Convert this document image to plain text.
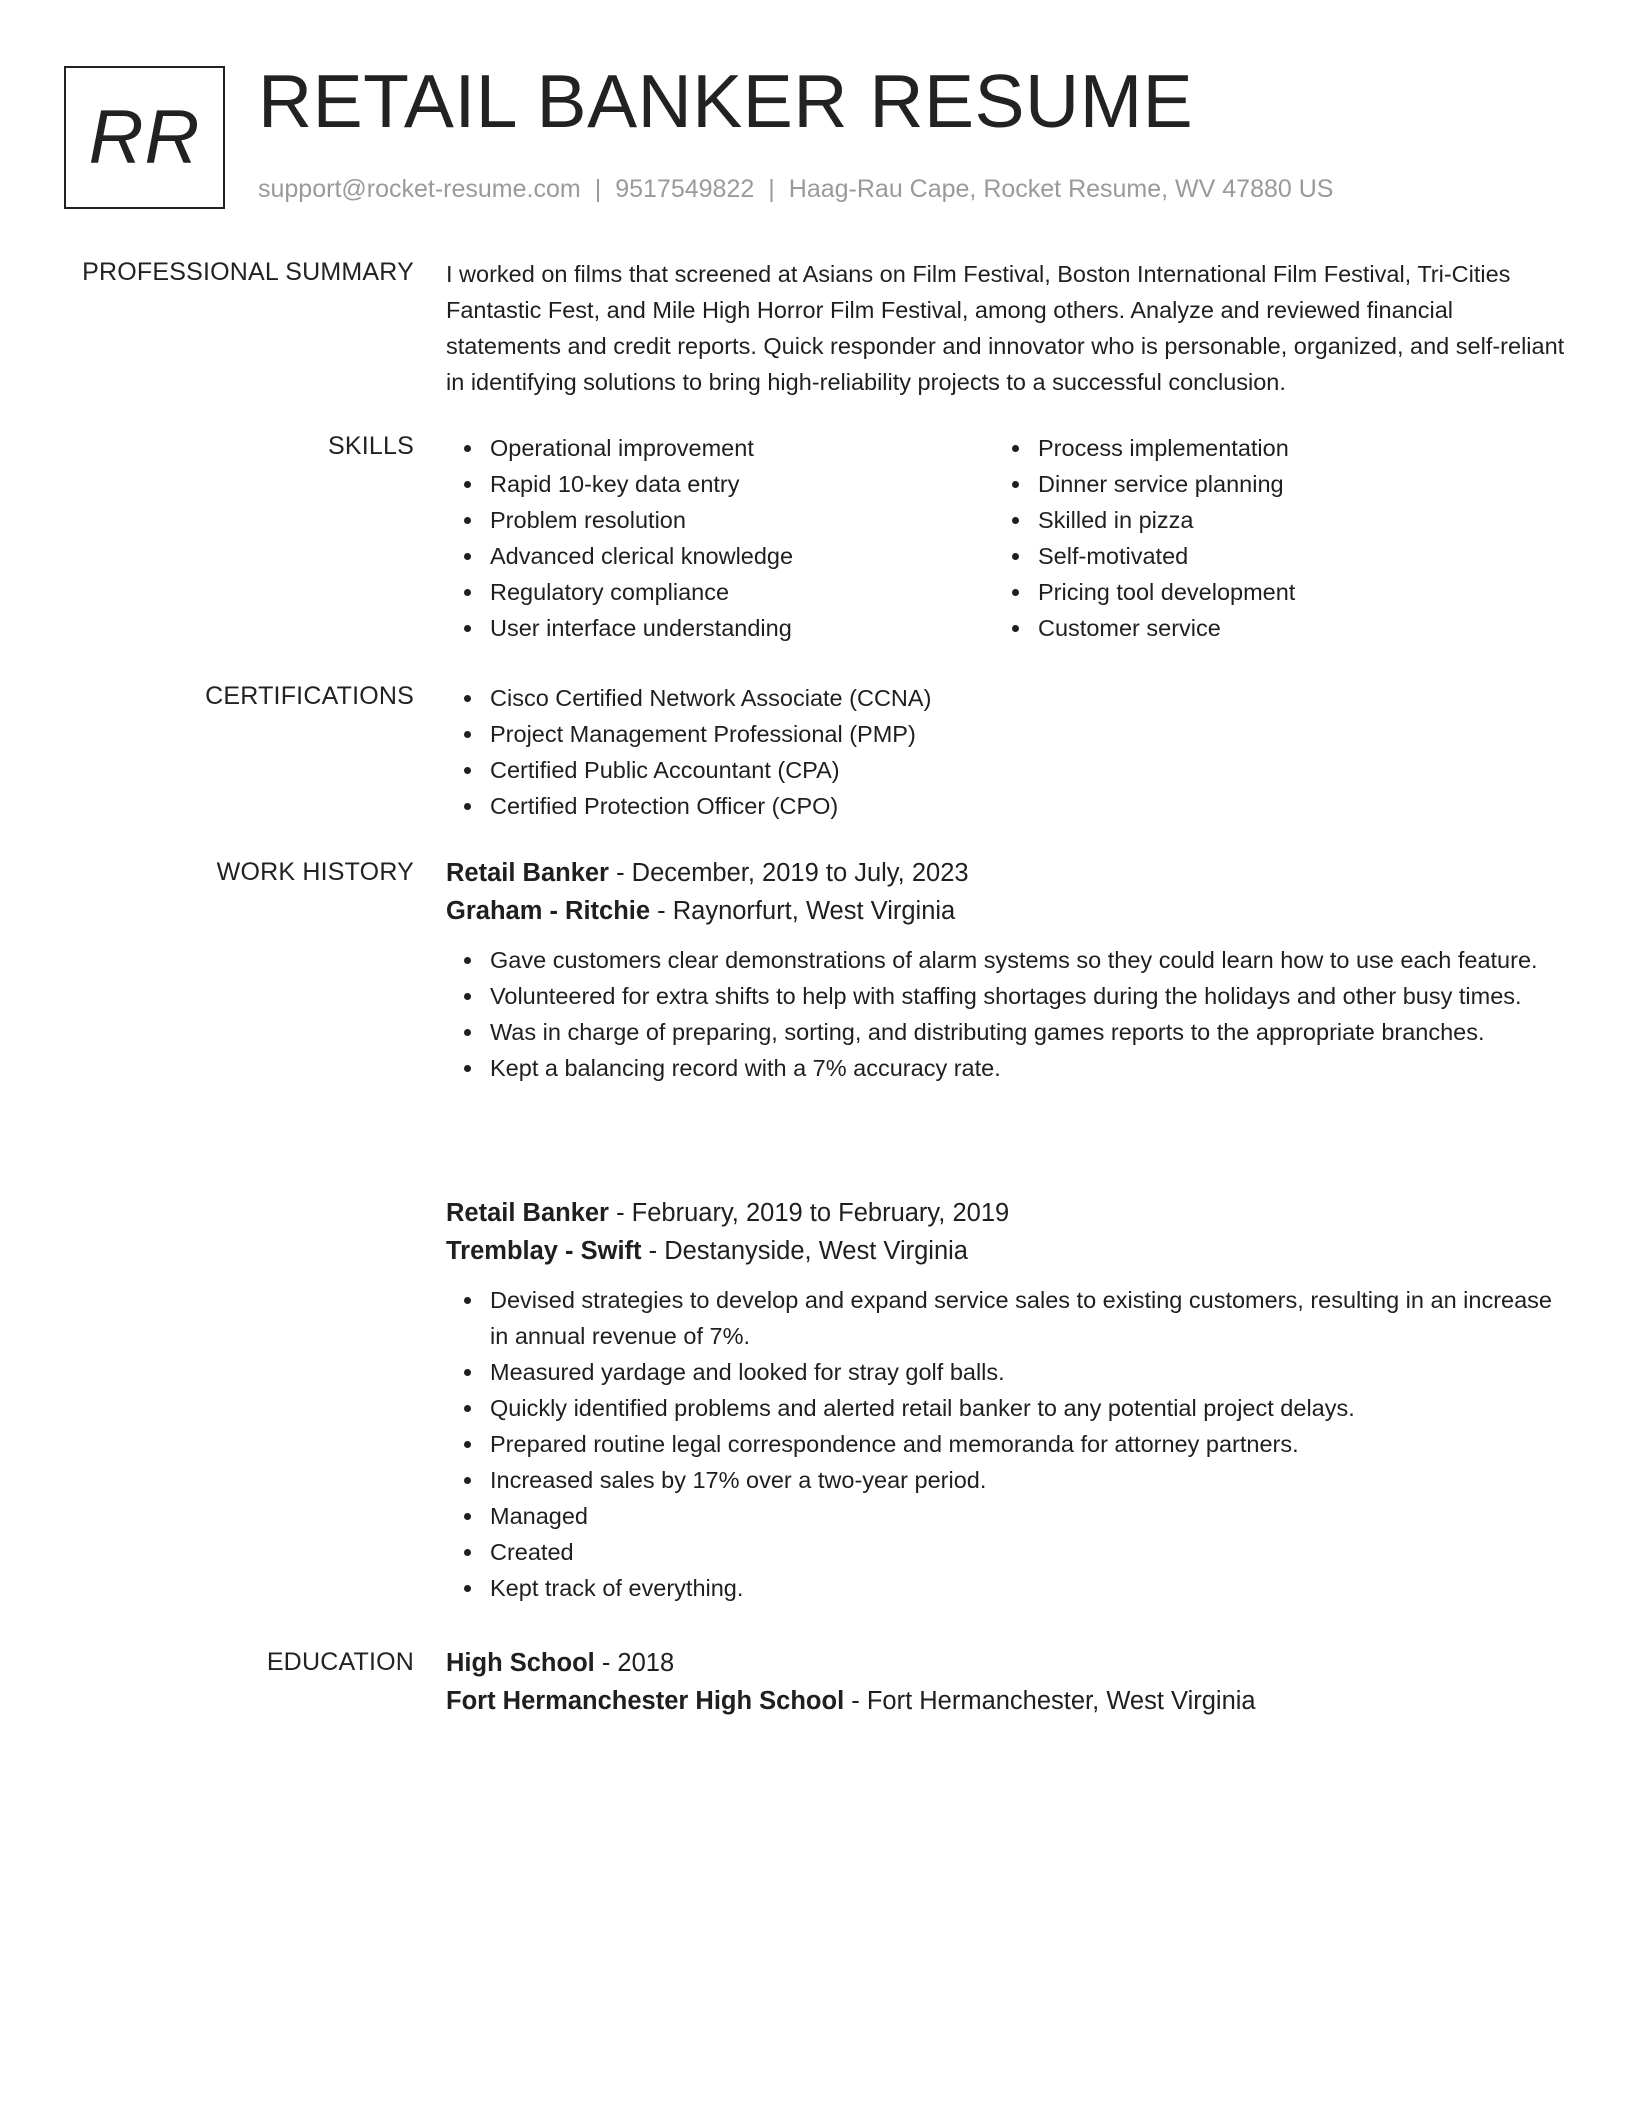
RR RETAIL BANKER RESUME
support@rocket-resume.com | 9517549822 | Haag-Rau Cape, Rocket Resume, WV 47880 US
PROFESSIONAL SUMMARY I worked on films that screened at Asians on Film Festival, Boston International Film Festival, Tri-Cities Fantastic Fest, and Mile High Horror Film Festival, among others. Analyze and reviewed financial statements and credit reports. Quick responder and innovator who is personable, organized, and self-reliant in identifying solutions to bring high-reliability projects to a successful conclusion.
SKILLS	Operational improvement
Rapid 10-key data entry
Problem resolution
Advanced clerical knowledge
Regulatory compliance
User interface understanding
Process implementation
Dinner service planning
Skilled in pizza
Self-motivated
Pricing tool development
Customer service
CERTIFICATIONS	Cisco Certified Network Associate (CCNA)
Project Management Professional (PMP)
Certified Public Accountant (CPA)
Certified Protection Officer (CPO)
WORK HISTORY Retail Banker - December, 2019 to July, 2023
Graham - Ritchie - Raynorfurt, West Virginia
Gave customers clear demonstrations of alarm systems so they could learn how to use each feature.
Volunteered for extra shifts to help with staffing shortages during the holidays and other busy times.
Was in charge of preparing, sorting, and distributing games reports to the appropriate branches.
Kept a balancing record with a 7% accuracy rate.
Retail Banker - February, 2019 to February, 2019
Tremblay - Swift - Destanyside, West Virginia
Devised strategies to develop and expand service sales to existing customers, resulting in an increase in annual revenue of 7%.
Measured yardage and looked for stray golf balls.
Quickly identified problems and alerted retail banker to any potential project delays.
Prepared routine legal correspondence and memoranda for attorney partners.
Increased sales by 17% over a two-year period.
Managed
Created
Kept track of everything.
EDUCATION High School - 2018
Fort Hermanchester High School - Fort Hermanchester, West Virginia
